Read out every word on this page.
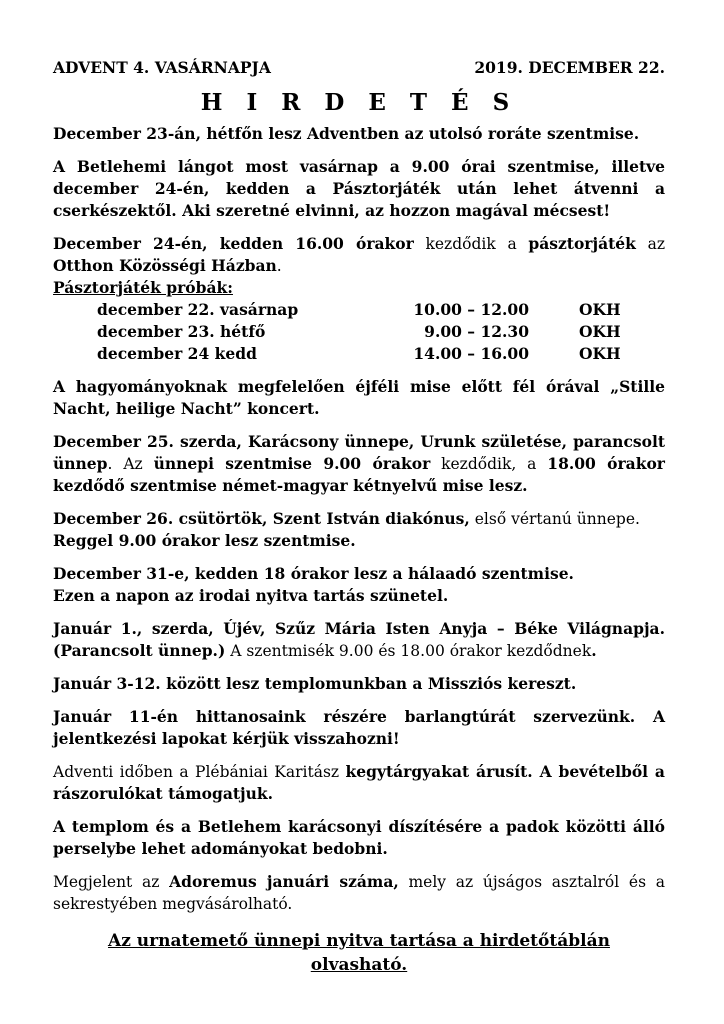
ADVENT 4. VASÁRNAPJA	2019. DECEMBER 22.
H I R D E T É S

December 23-án, hétfőn lesz Adventben az utolsó roráte szentmise.

A Betlehemi lángot most vasárnap a 9.00 órai szentmise, illetve december 24-én, kedden a Pásztorjáték után lehet átvenni a cserkészektől. Aki szeretné elvinni, az hozzon magával mécsest!

December 24-én, kedden 16.00 órakor kezdődik a pásztorjáték az Otthon Közösségi Házban.

Pásztorjáték próbák:
december 22. vasárnap	10.00 – 12.00	OKH
december 23. hétfő	9.00 – 12.30	OKH
december 24 kedd	14.00 – 16.00	OKH

A hagyományoknak megfelelően éjféli mise előtt fél órával „Stille Nacht, heilige Nacht” koncert.

December 25. szerda, Karácsony ünnepe, Urunk születése, parancsolt ünnep. Az ünnepi szentmise 9.00 órakor kezdődik, a 18.00 órakor kezdődő szentmise német-magyar kétnyelvű mise lesz.

December 26. csütörtök, Szent István diakónus, első vértanú ünnepe.
Reggel 9.00 órakor lesz szentmise.

December 31-e, kedden 18 órakor lesz a hálaadó szentmise.
Ezen a napon az irodai nyitva tartás szünetel.

Január 1., szerda, Újév, Szűz Mária Isten Anyja – Béke Világnapja. (Parancsolt ünnep.) A szentmisék 9.00 és 18.00 órakor kezdődnek.

Január 3-12. között lesz templomunkban a Missziós kereszt.

Január 11-én hittanosaink részére barlangtúrát szervezünk. A jelentkezési lapokat kérjük visszahozni!

Adventi időben a Plébániai Karitász kegytárgyakat árusít. A bevételből a rászorulókat támogatjuk.

A templom és a Betlehem karácsonyi díszítésére a padok közötti álló perselybe lehet adományokat bedobni.

Megjelent az Adoremus januári száma, mely az újságos asztalról és a sekrestyében megvásárolható.

Az urnatemető ünnepi nyitva tartása a hirdetőtáblán
olvasható.
